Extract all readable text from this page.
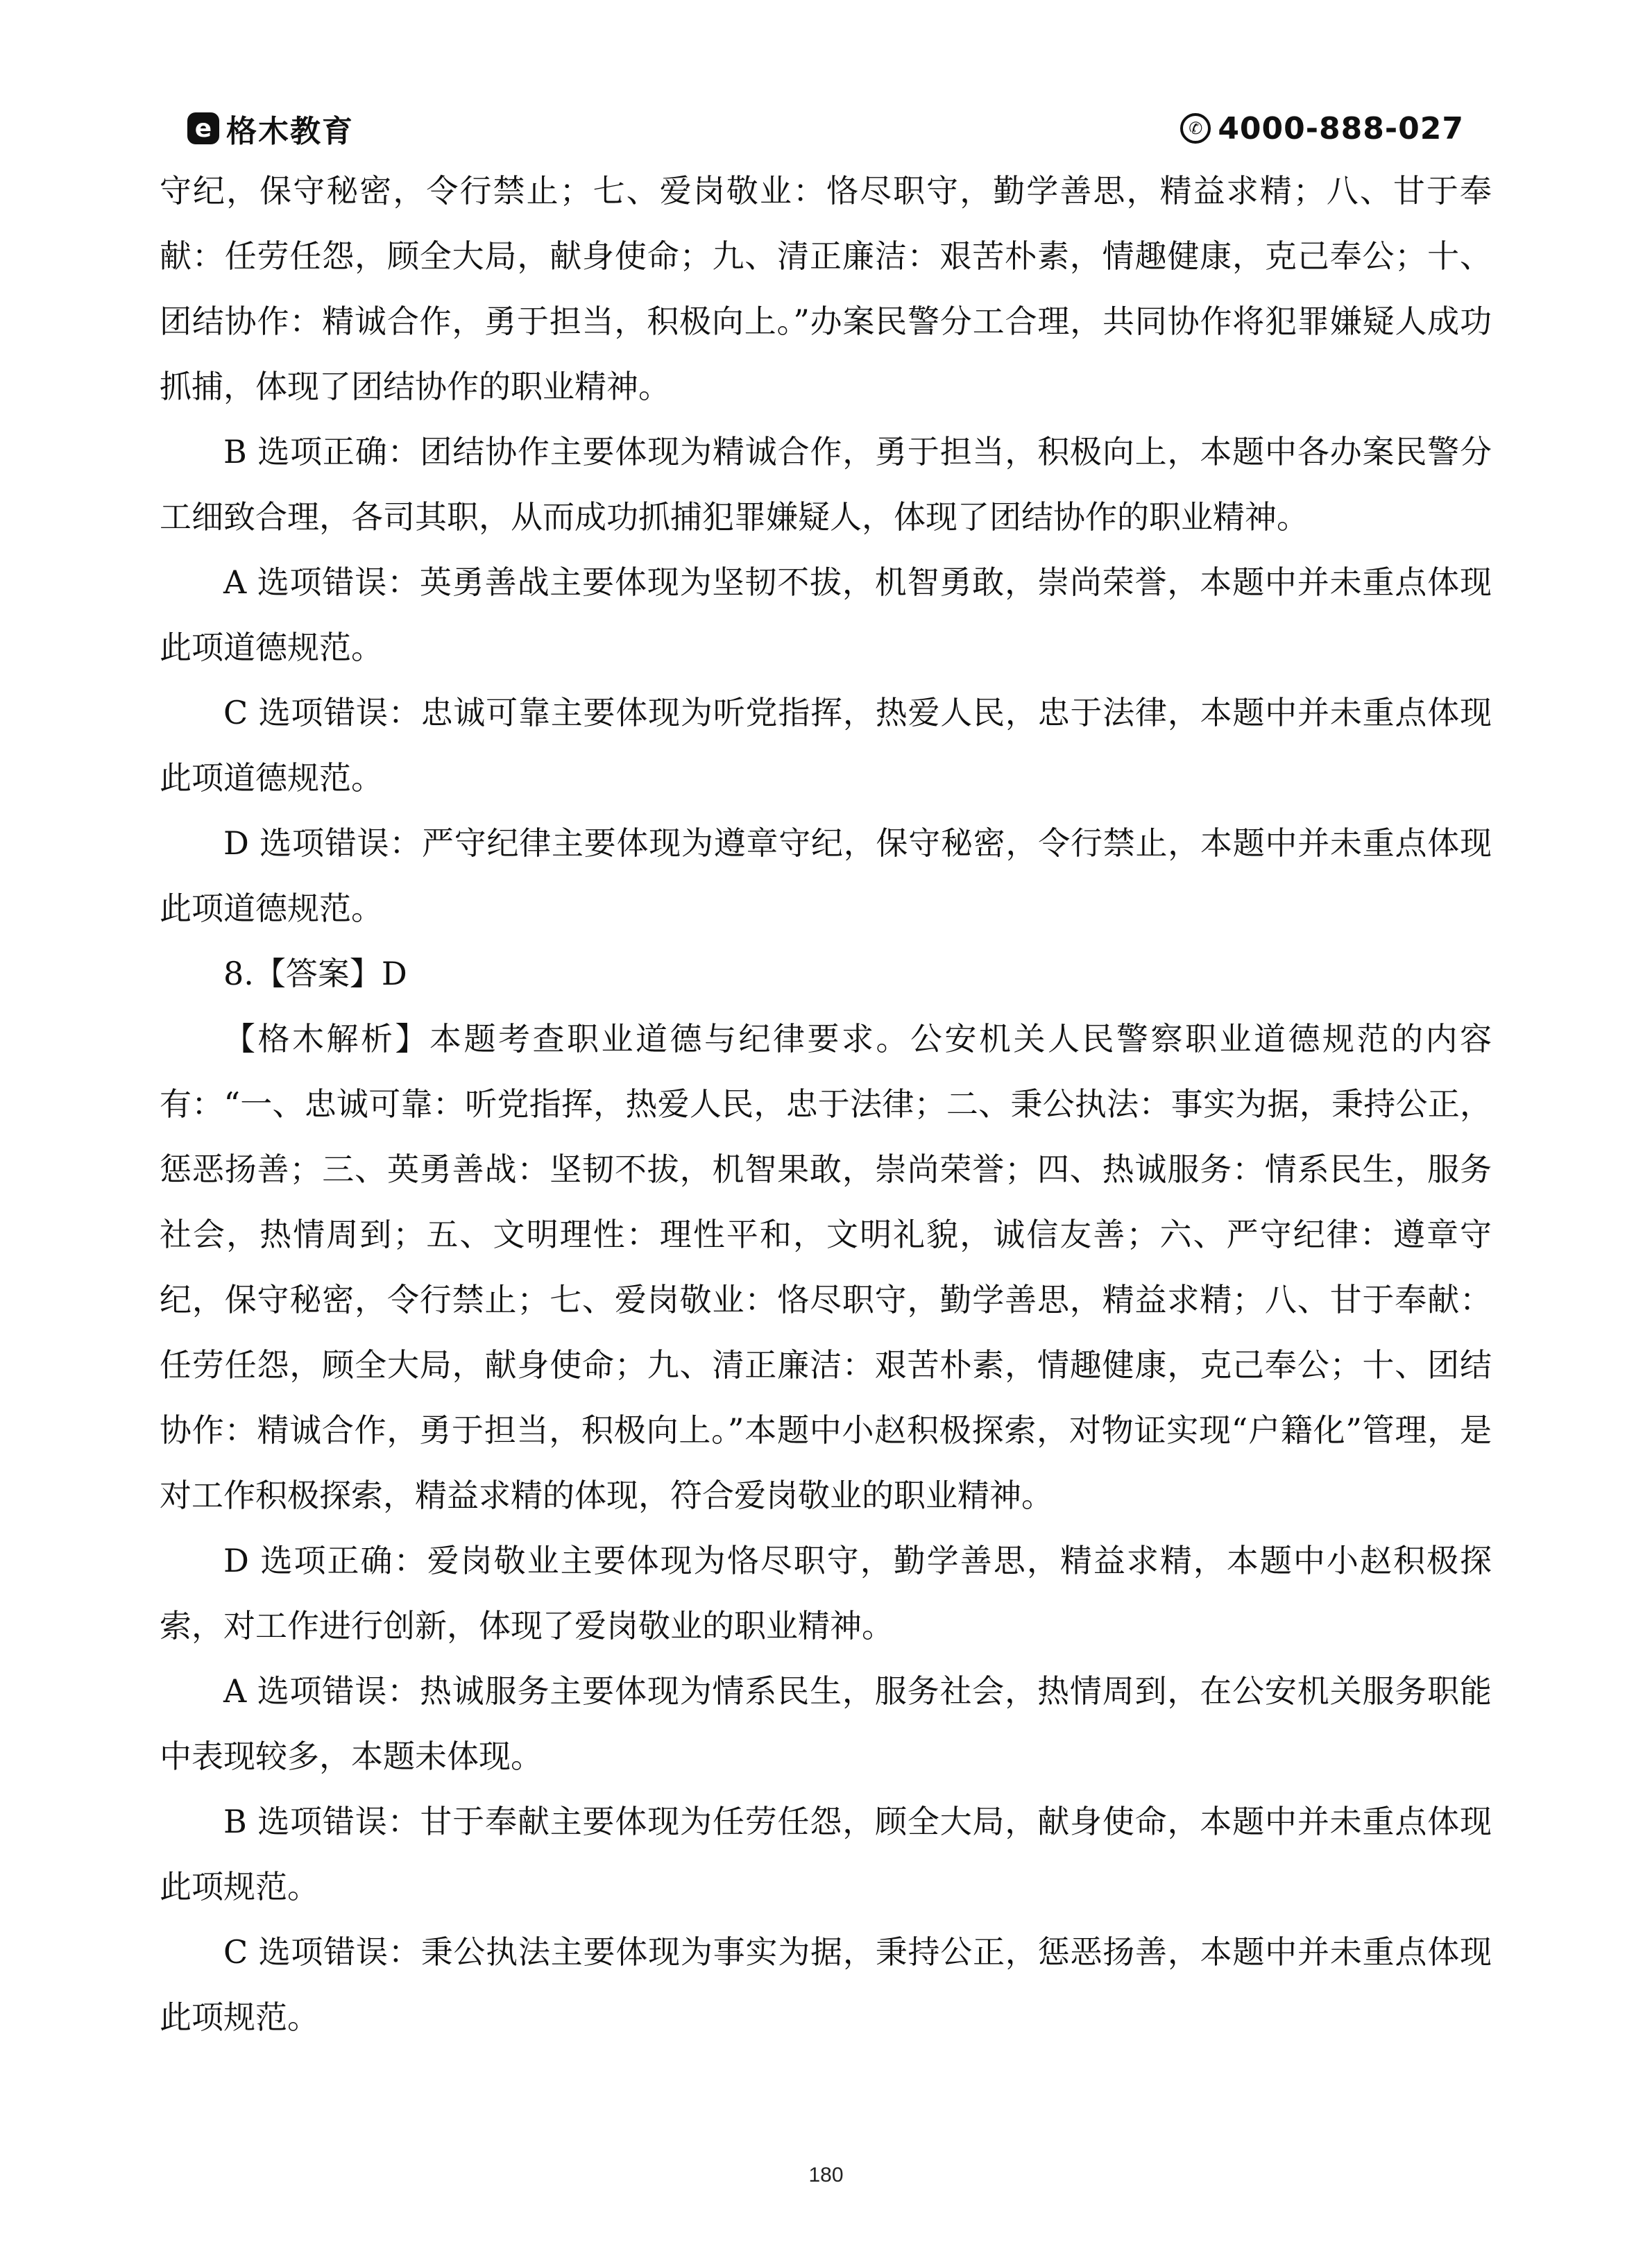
e 格木教育	✆ 4000-888-027

守纪，保守秘密，令行禁止；七、爱岗敬业：恪尽职守，勤学善思，精益求精；八、甘于奉献：任劳任怨，顾全大局，献身使命；九、清正廉洁：艰苦朴素，情趣健康，克己奉公；十、团结协作：精诚合作，勇于担当，积极向上。”办案民警分工合理，共同协作将犯罪嫌疑人成功抓捕，体现了团结协作的职业精神。

B 选项正确：团结协作主要体现为精诚合作，勇于担当，积极向上，本题中各办案民警分工细致合理，各司其职，从而成功抓捕犯罪嫌疑人，体现了团结协作的职业精神。

A 选项错误：英勇善战主要体现为坚韧不拔，机智勇敢，崇尚荣誉，本题中并未重点体现此项道德规范。

C 选项错误：忠诚可靠主要体现为听党指挥，热爱人民，忠于法律，本题中并未重点体现此项道德规范。

D 选项错误：严守纪律主要体现为遵章守纪，保守秘密，令行禁止，本题中并未重点体现此项道德规范。

8.【答案】D

【格木解析】本题考查职业道德与纪律要求。公安机关人民警察职业道德规范的内容有：“一、忠诚可靠：听党指挥，热爱人民，忠于法律；二、秉公执法：事实为据，秉持公正，惩恶扬善；三、英勇善战：坚韧不拔，机智果敢，崇尚荣誉；四、热诚服务：情系民生，服务社会，热情周到；五、文明理性：理性平和，文明礼貌，诚信友善；六、严守纪律：遵章守纪，保守秘密，令行禁止；七、爱岗敬业：恪尽职守，勤学善思，精益求精；八、甘于奉献：任劳任怨，顾全大局，献身使命；九、清正廉洁：艰苦朴素，情趣健康，克己奉公；十、团结协作：精诚合作，勇于担当，积极向上。”本题中小赵积极探索，对物证实现“户籍化”管理，是对工作积极探索，精益求精的体现，符合爱岗敬业的职业精神。

D 选项正确：爱岗敬业主要体现为恪尽职守，勤学善思，精益求精，本题中小赵积极探索，对工作进行创新，体现了爱岗敬业的职业精神。

A 选项错误：热诚服务主要体现为情系民生，服务社会，热情周到，在公安机关服务职能中表现较多，本题未体现。

B 选项错误：甘于奉献主要体现为任劳任怨，顾全大局，献身使命，本题中并未重点体现此项规范。

C 选项错误：秉公执法主要体现为事实为据，秉持公正，惩恶扬善，本题中并未重点体现此项规范。

180
